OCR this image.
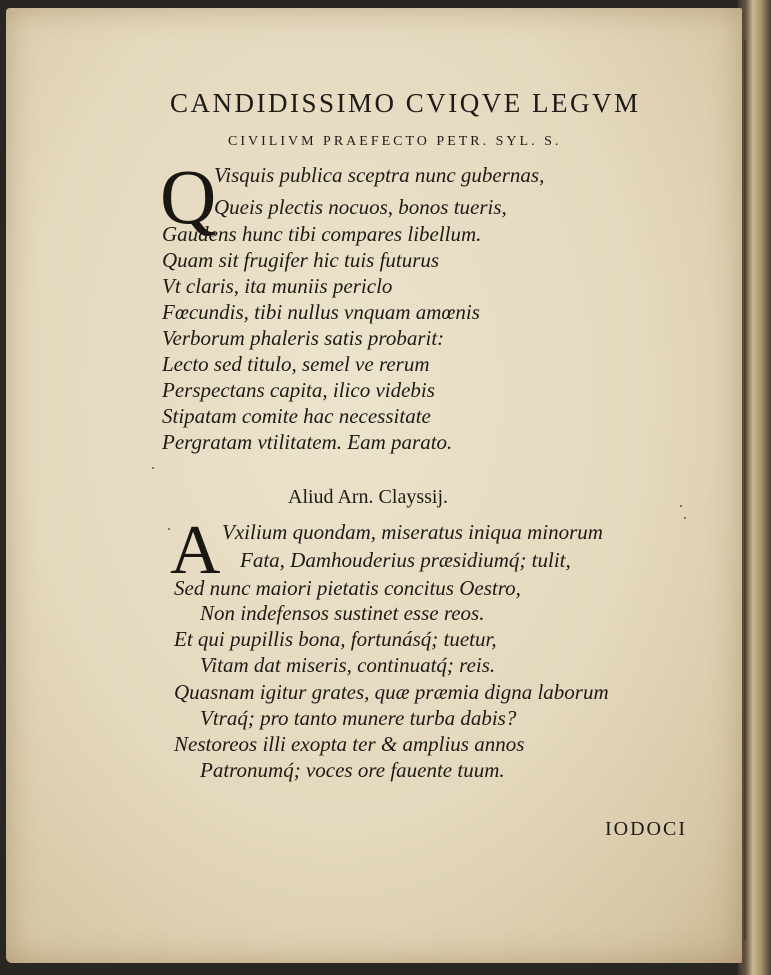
CANDIDISSIMO CVIQVE LEGVM
CIVILIVM PRAEFECTO PETR. SYL. S.
Q
Visquis publica sceptra nunc gubernas,
Queis plectis nocuos, bonos tueris,
Gaudens hunc tibi compares libellum.
Quam sit frugifer hic tuis futurus
Vt claris, ita muniis periclo
Fœcundis, tibi nullus vnquam amœnis
Verborum phaleris satis probarit:
Lecto sed titulo, semel ve rerum
Perspectans capita, ilico videbis
Stipatam comite hac necessitate
Pergratam vtilitatem. Eam parato.
Aliud Arn. Clayssij.
A Vxilium quondam, miseratus iniqua minorum
Fata, Damhouderius præsidiumq́; tulit,
Sed nunc maiori pietatis concitus Oestro,
Non indefensos sustinet esse reos.
Et qui pupillis bona, fortunásq́; tuetur,
Vitam dat miseris, continuatq́; reis.
Quasnam igitur grates, quæ præmia digna laborum
Vtraq́; pro tanto munere turba dabis?
Nestoreos illi exopta ter & amplius annos
Patronumq́; voces ore fauente tuum.
IODOCI
